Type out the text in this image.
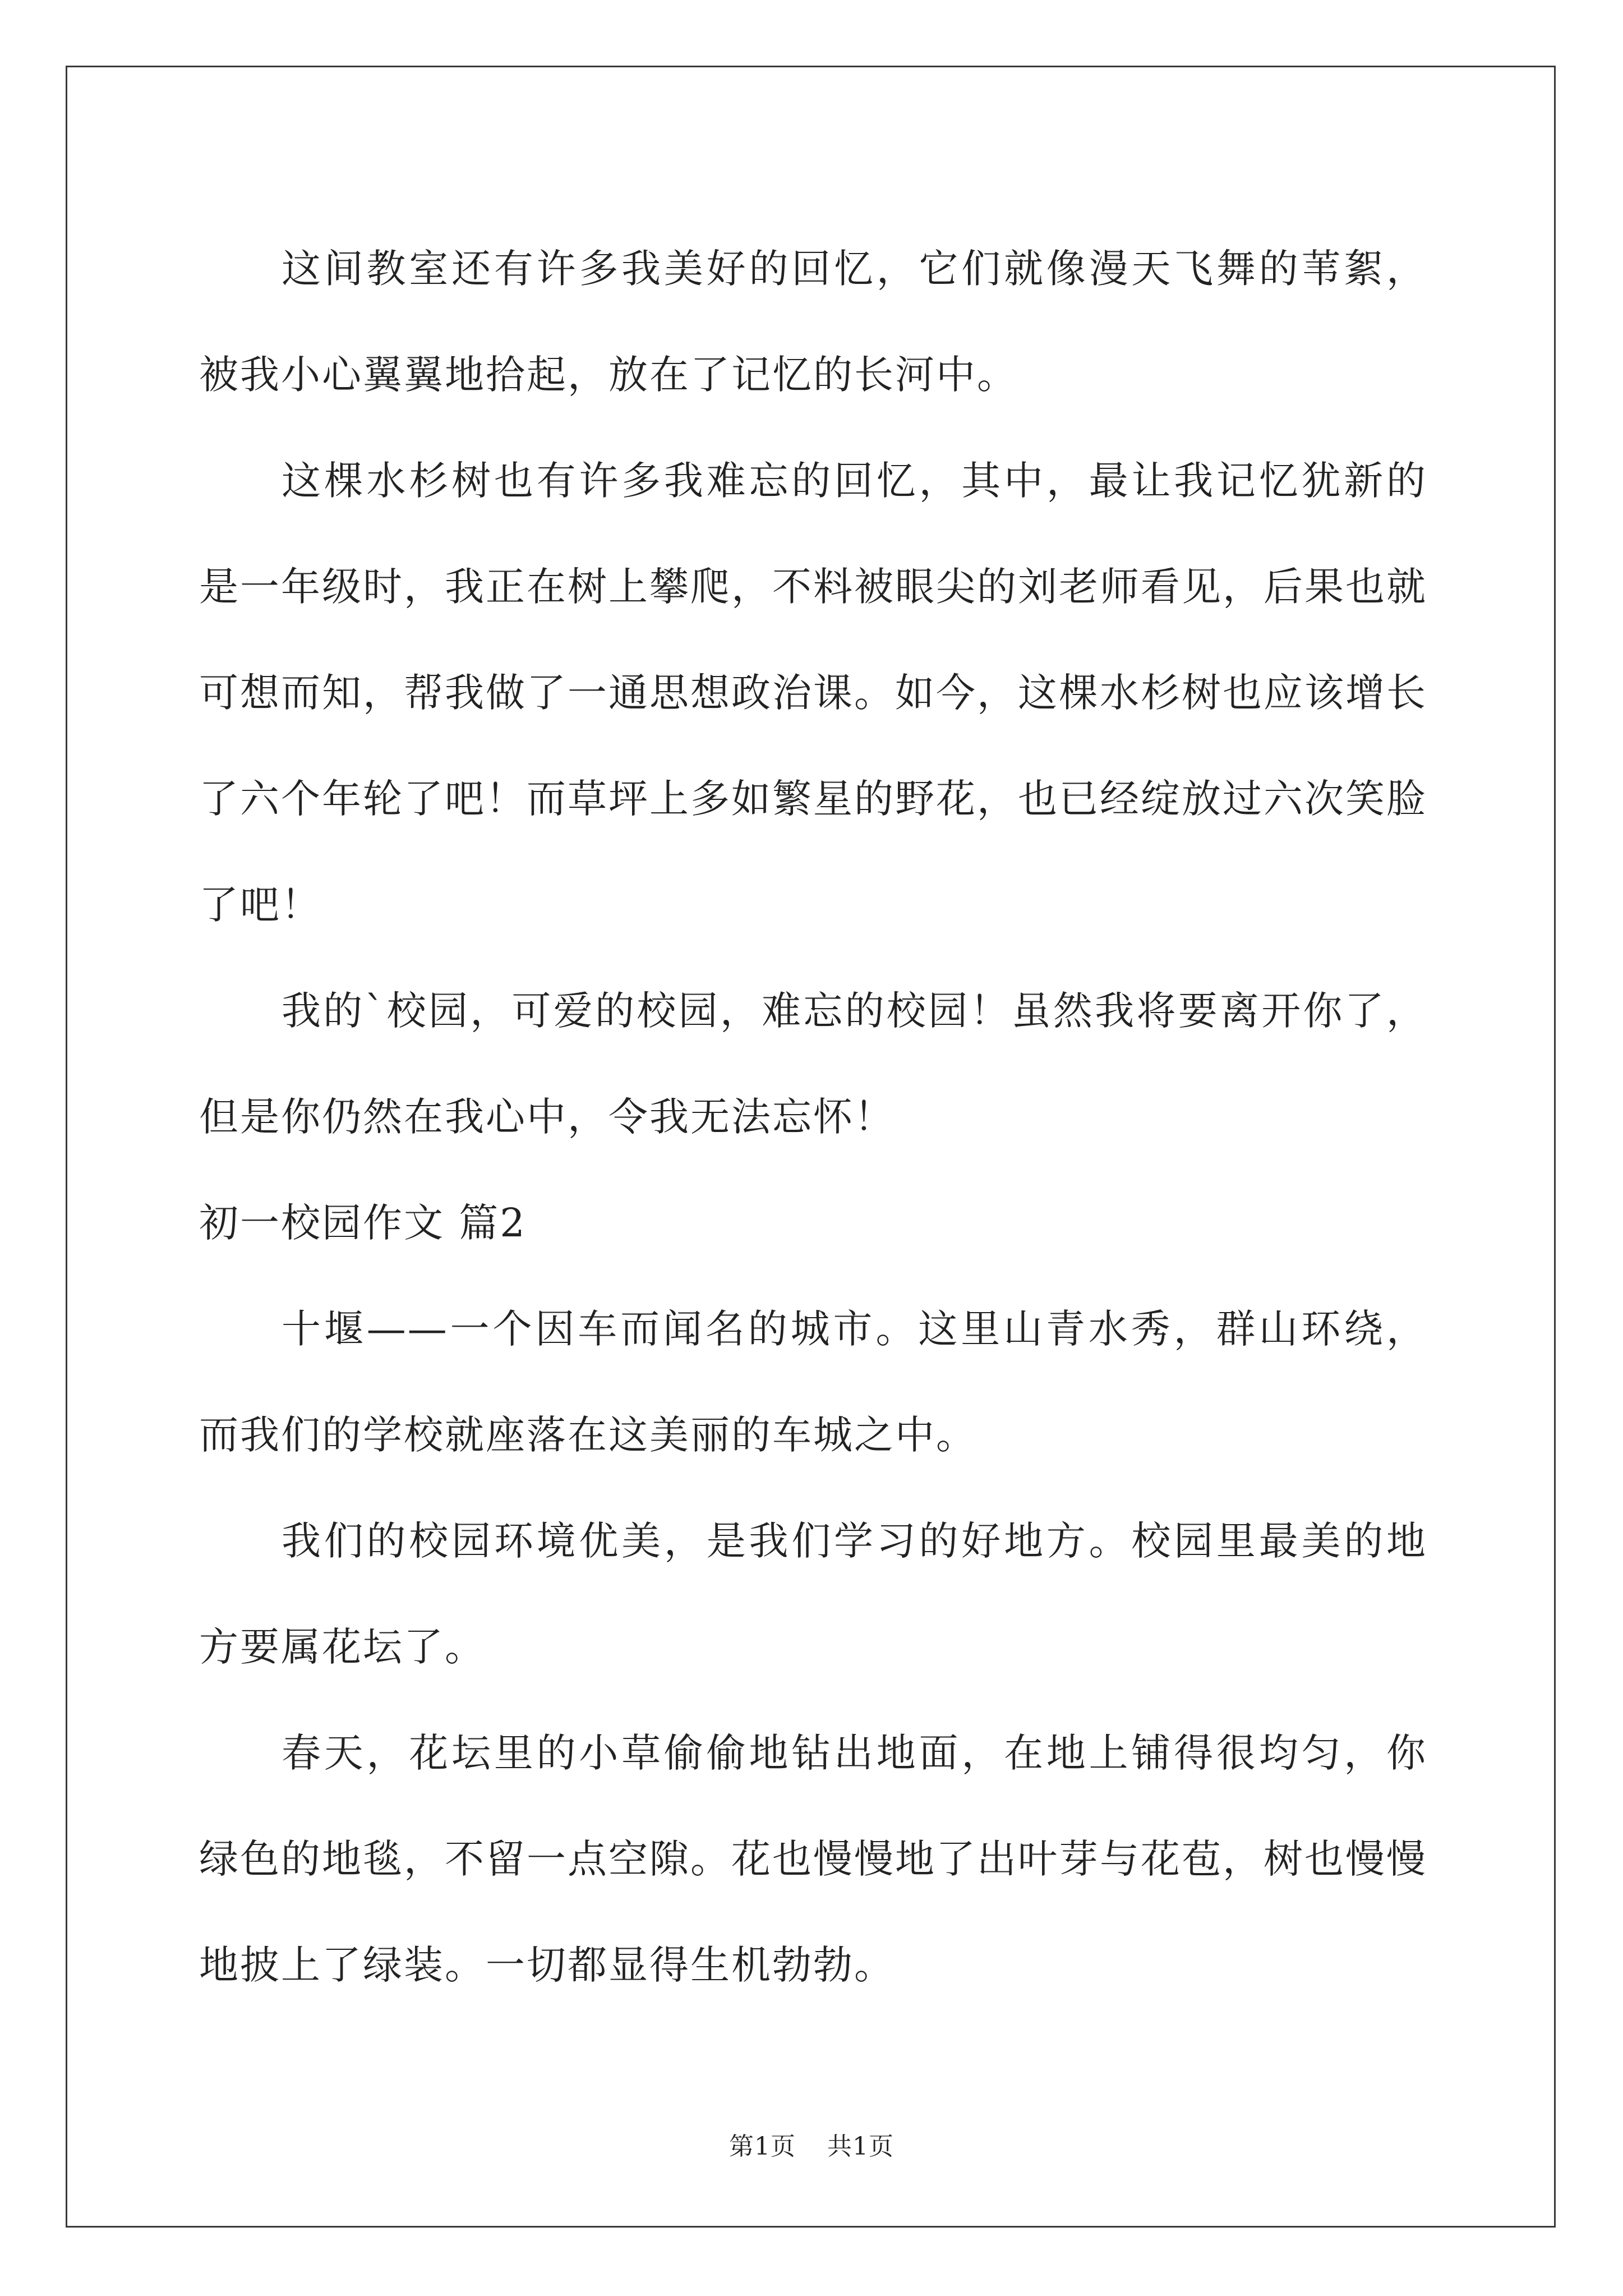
这间教室还有许多我美好的回忆，它们就像漫天飞舞的苇絮，被我小心翼翼地拾起，放在了记忆的长河中。

这棵水杉树也有许多我难忘的回忆，其中，最让我记忆犹新的是一年级时，我正在树上攀爬，不料被眼尖的刘老师看见，后果也就可想而知，帮我做了一通思想政治课。如今，这棵水杉树也应该增长了六个年轮了吧！而草坪上多如繁星的野花，也已经绽放过六次笑脸了吧！

我的`校园，可爱的校园，难忘的校园！虽然我将要离开你了，但是你仍然在我心中，令我无法忘怀！

初一校园作文 篇2

十堰——一个因车而闻名的城市。这里山青水秀，群山环绕，而我们的学校就座落在这美丽的车城之中。

我们的校园环境优美，是我们学习的好地方。校园里最美的地方要属花坛了。

春天，花坛里的小草偷偷地钻出地面，在地上铺得很均匀，你绿色的地毯，不留一点空隙。花也慢慢地了出叶芽与花苞，树也慢慢地披上了绿装。一切都显得生机勃勃。

第1页 共1页
